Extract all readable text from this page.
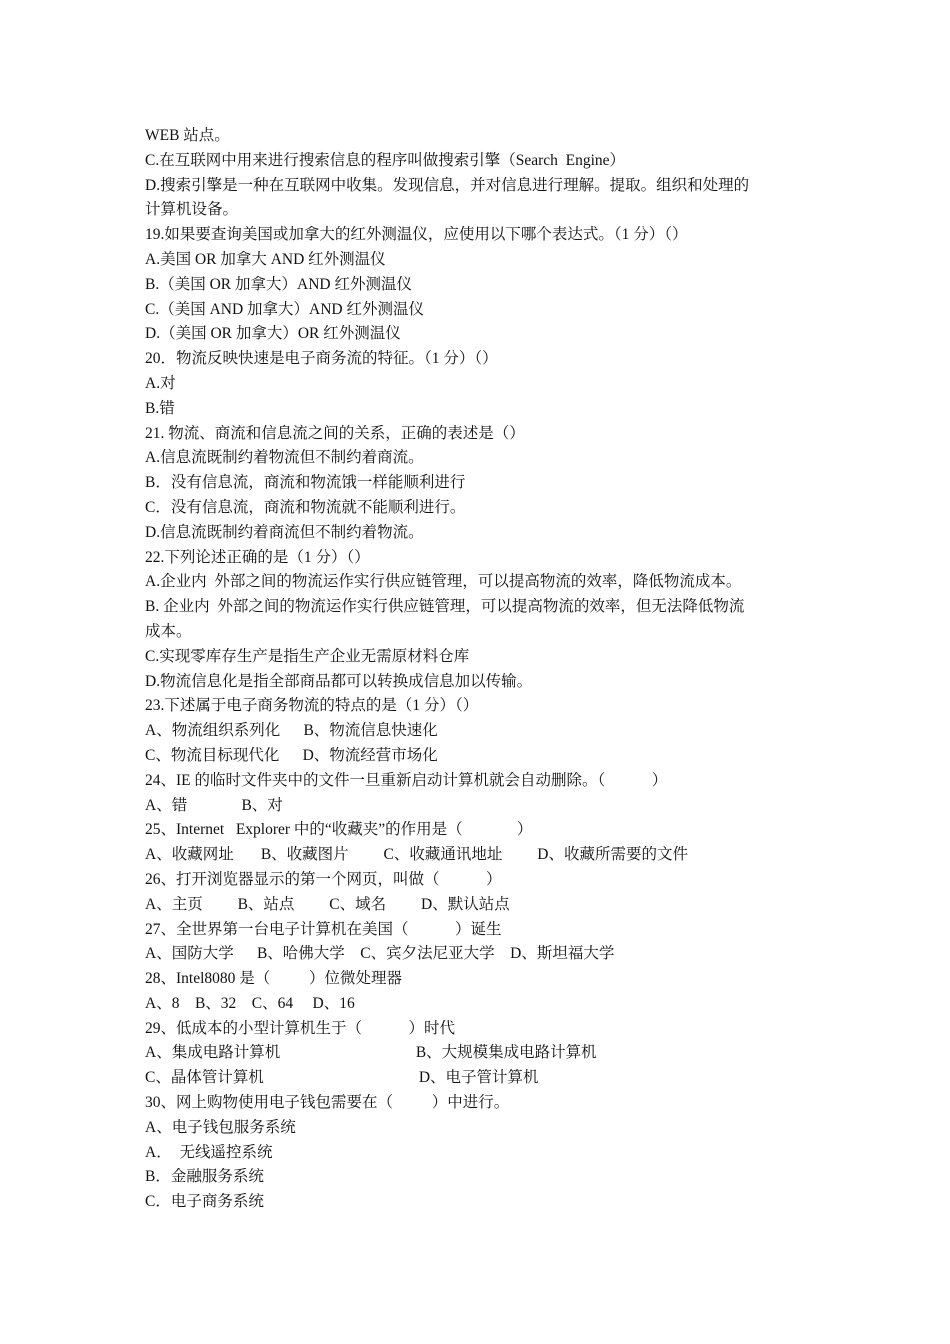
WEB 站点。
C.在互联网中用来进行搜索信息的程序叫做搜索引擎（Search  Engine）
D.搜索引擎是一种在互联网中收集。发现信息，并对信息进行理解。提取。组织和处理的
计算机设备。
19.如果要查询美国或加拿大的红外测温仪，应使用以下哪个表达式。（1 分）（）
A.美国 OR 加拿大 AND 红外测温仪
B.（美国 OR 加拿大）AND 红外测温仪
C.（美国 AND 加拿大）AND 红外测温仪
D.（美国 OR 加拿大）OR 红外测温仪
20．物流反映快速是电子商务流的特征。（1 分）（）
A.对
B.错
21. 物流、商流和信息流之间的关系，正确的表述是（）
A.信息流既制约着物流但不制约着商流。
B．没有信息流，商流和物流饿一样能顺利进行
C．没有信息流，商流和物流就不能顺利进行。
D.信息流既制约着商流但不制约着物流。
22.下列论述正确的是（1 分）（）
A.企业内  外部之间的物流运作实行供应链管理，可以提高物流的效率，降低物流成本。
B. 企业内  外部之间的物流运作实行供应链管理，可以提高物流的效率，但无法降低物流
成本。
C.实现零库存生产是指生产企业无需原材料仓库
D.物流信息化是指全部商品都可以转换成信息加以传输。
23.下述属于电子商务物流的特点的是（1 分）（）
A、物流组织系列化      B、物流信息快速化
C、物流目标现代化      D、物流经营市场化
24、IE 的临时文件夹中的文件一旦重新启动计算机就会自动删除。（            ）
A、错              B、对
25、Internet   Explorer 中的“收藏夹”的作用是（              ）
A、收藏网址       B、收藏图片         C、收藏通讯地址         D、收藏所需要的文件
26、打开浏览器显示的第一个网页，叫做（            ）
A、主页         B、站点         C、域名         D、默认站点
27、全世界第一台电子计算机在美国（            ）诞生
A、国防大学      B、哈佛大学    C、宾夕法尼亚大学    D、斯坦福大学
28、Intel8080 是（          ）位微处理器
A、8    B、32    C、64     D、16
29、低成本的小型计算机生于（            ）时代
A、集成电路计算机                                   B、大规模集成电路计算机
C、晶体管计算机                                        D、电子管计算机
30、网上购物使用电子钱包需要在（          ）中进行。
A、电子钱包服务系统
A．  无线遥控系统
B．金融服务系统
C．电子商务系统
